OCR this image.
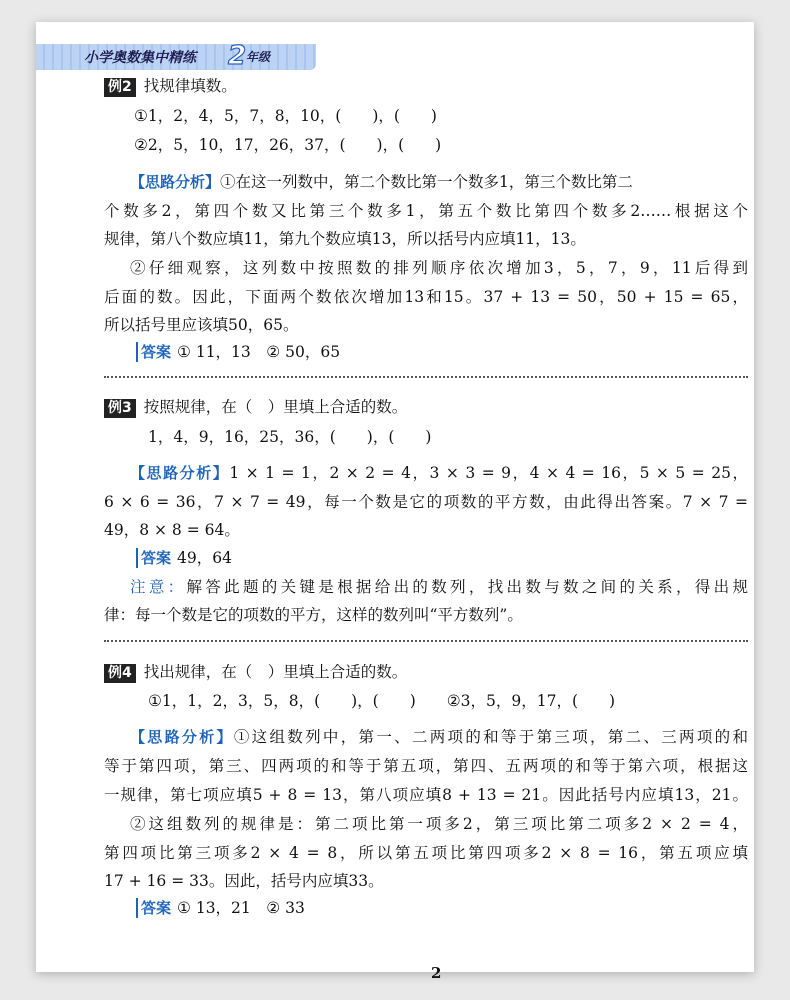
小学奥数集中精练 2 年级
例2 找规律填数。
①1，2，4，5，7，8，10，(　　)，(　　)
②2，5，10，17，26，37，(　　)，(　　)
【思路分析】①在这一列数中，第二个数比第一个数多1，第三个数比第二
个数多2，第四个数又比第三个数多1，第五个数比第四个数多2……根据这个
规律，第八个数应填11，第九个数应填13，所以括号内应填11，13。
②仔细观察，这列数中按照数的排列顺序依次增加3，5，7，9，11后得到
后面的数。因此，下面两个数依次增加13和15。37 + 13 = 50，50 + 15 = 65，
所以括号里应该填50，65。
答案 ① 11，13　② 50，65
例3 按照规律，在（　）里填上合适的数。
1，4，9，16，25，36，(　　)，(　　)
【思路分析】1 × 1 = 1，2 × 2 = 4，3 × 3 = 9，4 × 4 = 16，5 × 5 = 25，
6 × 6 = 36，7 × 7 = 49，每一个数是它的项数的平方数，由此得出答案。7 × 7 =
49，8 × 8 = 64。
答案 49，64
注意：解答此题的关键是根据给出的数列，找出数与数之间的关系，得出规
律：每一个数是它的项数的平方，这样的数列叫“平方数列”。
例4 找出规律，在（　）里填上合适的数。
①1，1，2，3，5，8，(　　)，(　　)　　②3，5，9，17，(　　)
【思路分析】①这组数列中，第一、二两项的和等于第三项，第二、三两项的和
等于第四项，第三、四两项的和等于第五项，第四、五两项的和等于第六项，根据这
一规律，第七项应填5 + 8 = 13，第八项应填8 + 13 = 21。因此括号内应填13，21。
②这组数列的规律是：第二项比第一项多2，第三项比第二项多2 × 2 = 4，
第四项比第三项多2 × 4 = 8，所以第五项比第四项多2 × 8 = 16，第五项应填
17 + 16 = 33。因此，括号内应填33。
答案 ① 13，21　② 33
2
